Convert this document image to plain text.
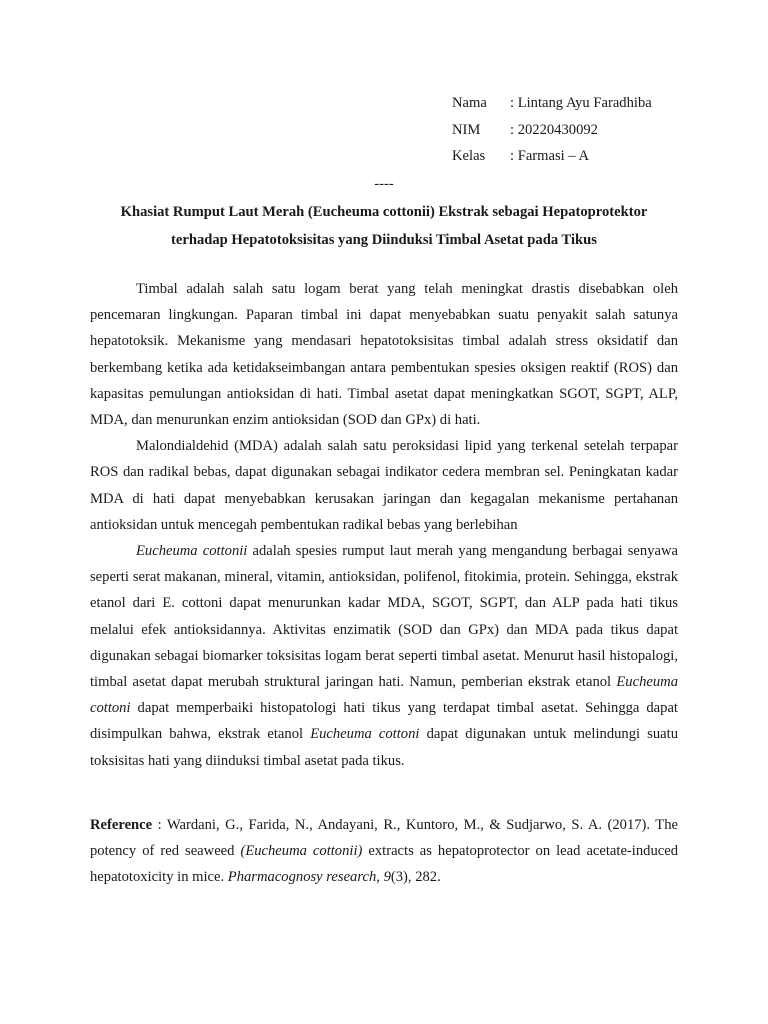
Nama : Lintang Ayu Faradhiba
NIM : 20220430092
Kelas : Farmasi – A
----
Khasiat Rumput Laut Merah (Eucheuma cottonii) Ekstrak sebagai Hepatoprotektor
terhadap Hepatotoksisitas yang Diinduksi Timbal Asetat pada Tikus

Timbal adalah salah satu logam berat yang telah meningkat drastis disebabkan oleh pencemaran lingkungan. Paparan timbal ini dapat menyebabkan suatu penyakit salah satunya hepatotoksik. Mekanisme yang mendasari hepatotoksisitas timbal adalah stress oksidatif dan berkembang ketika ada ketidakseimbangan antara pembentukan spesies oksigen reaktif (ROS) dan kapasitas pemulungan antioksidan di hati. Timbal asetat dapat meningkatkan SGOT, SGPT, ALP, MDA, dan menurunkan enzim antioksidan (SOD dan GPx) di hati.

Malondialdehid (MDA) adalah salah satu peroksidasi lipid yang terkenal setelah terpapar ROS dan radikal bebas, dapat digunakan sebagai indikator cedera membran sel. Peningkatan kadar MDA di hati dapat menyebabkan kerusakan jaringan dan kegagalan mekanisme pertahanan antioksidan untuk mencegah pembentukan radikal bebas yang berlebihan

Eucheuma cottonii adalah spesies rumput laut merah yang mengandung berbagai senyawa seperti serat makanan, mineral, vitamin, antioksidan, polifenol, fitokimia, protein. Sehingga, ekstrak etanol dari E. cottoni dapat menurunkan kadar MDA, SGOT, SGPT, dan ALP pada hati tikus melalui efek antioksidannya. Aktivitas enzimatik (SOD dan GPx) dan MDA pada tikus dapat digunakan sebagai biomarker toksisitas logam berat seperti timbal asetat. Menurut hasil histopalogi, timbal asetat dapat merubah struktural jaringan hati. Namun, pemberian ekstrak etanol Eucheuma cottoni dapat memperbaiki histopatologi hati tikus yang terdapat timbal asetat. Sehingga dapat disimpulkan bahwa, ekstrak etanol Eucheuma cottoni dapat digunakan untuk melindungi suatu toksisitas hati yang diinduksi timbal asetat pada tikus.

Reference : Wardani, G., Farida, N., Andayani, R., Kuntoro, M., & Sudjarwo, S. A. (2017). The potency of red seaweed (Eucheuma cottonii) extracts as hepatoprotector on lead acetate-induced hepatotoxicity in mice. Pharmacognosy research, 9(3), 282.
